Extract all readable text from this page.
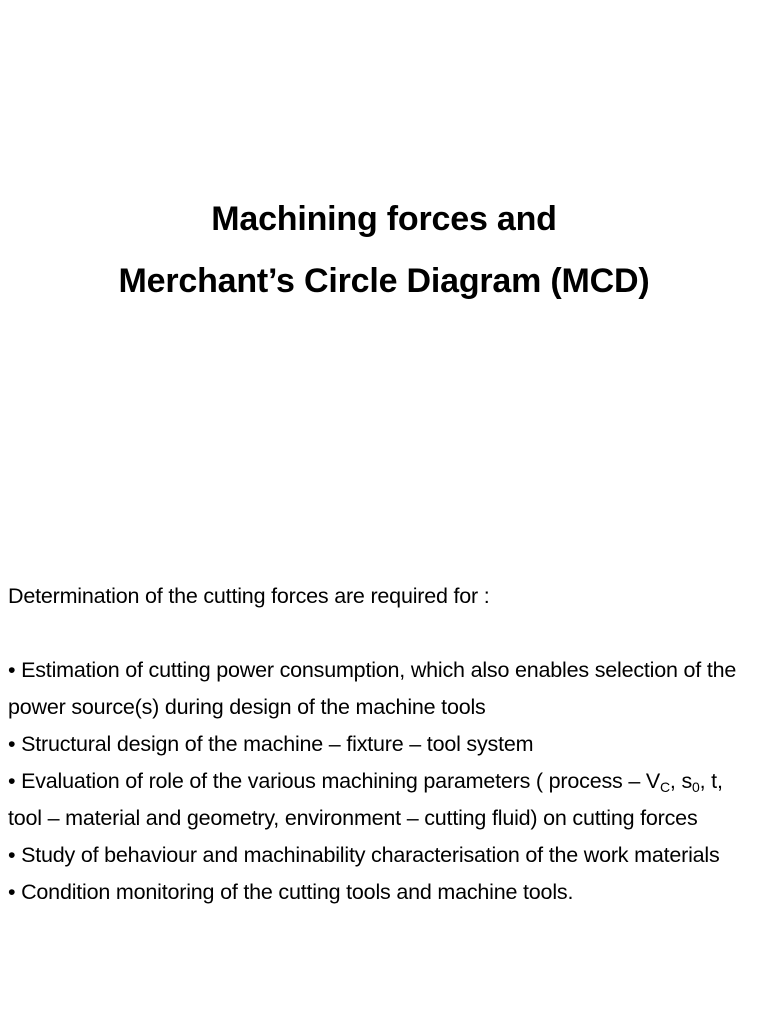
Machining forces and
Merchant’s Circle Diagram (MCD)
Determination of the cutting forces are required for :
• Estimation of cutting power consumption, which also enables selection of the power source(s) during design of the machine tools
• Structural design of the machine – fixture – tool system
• Evaluation of role of the various machining parameters ( process – $V_C$, $s_0$, t, tool – material and geometry, environment – cutting fluid) on cutting forces
• Study of behaviour and machinability characterisation of the work materials
• Condition monitoring of the cutting tools and machine tools.
